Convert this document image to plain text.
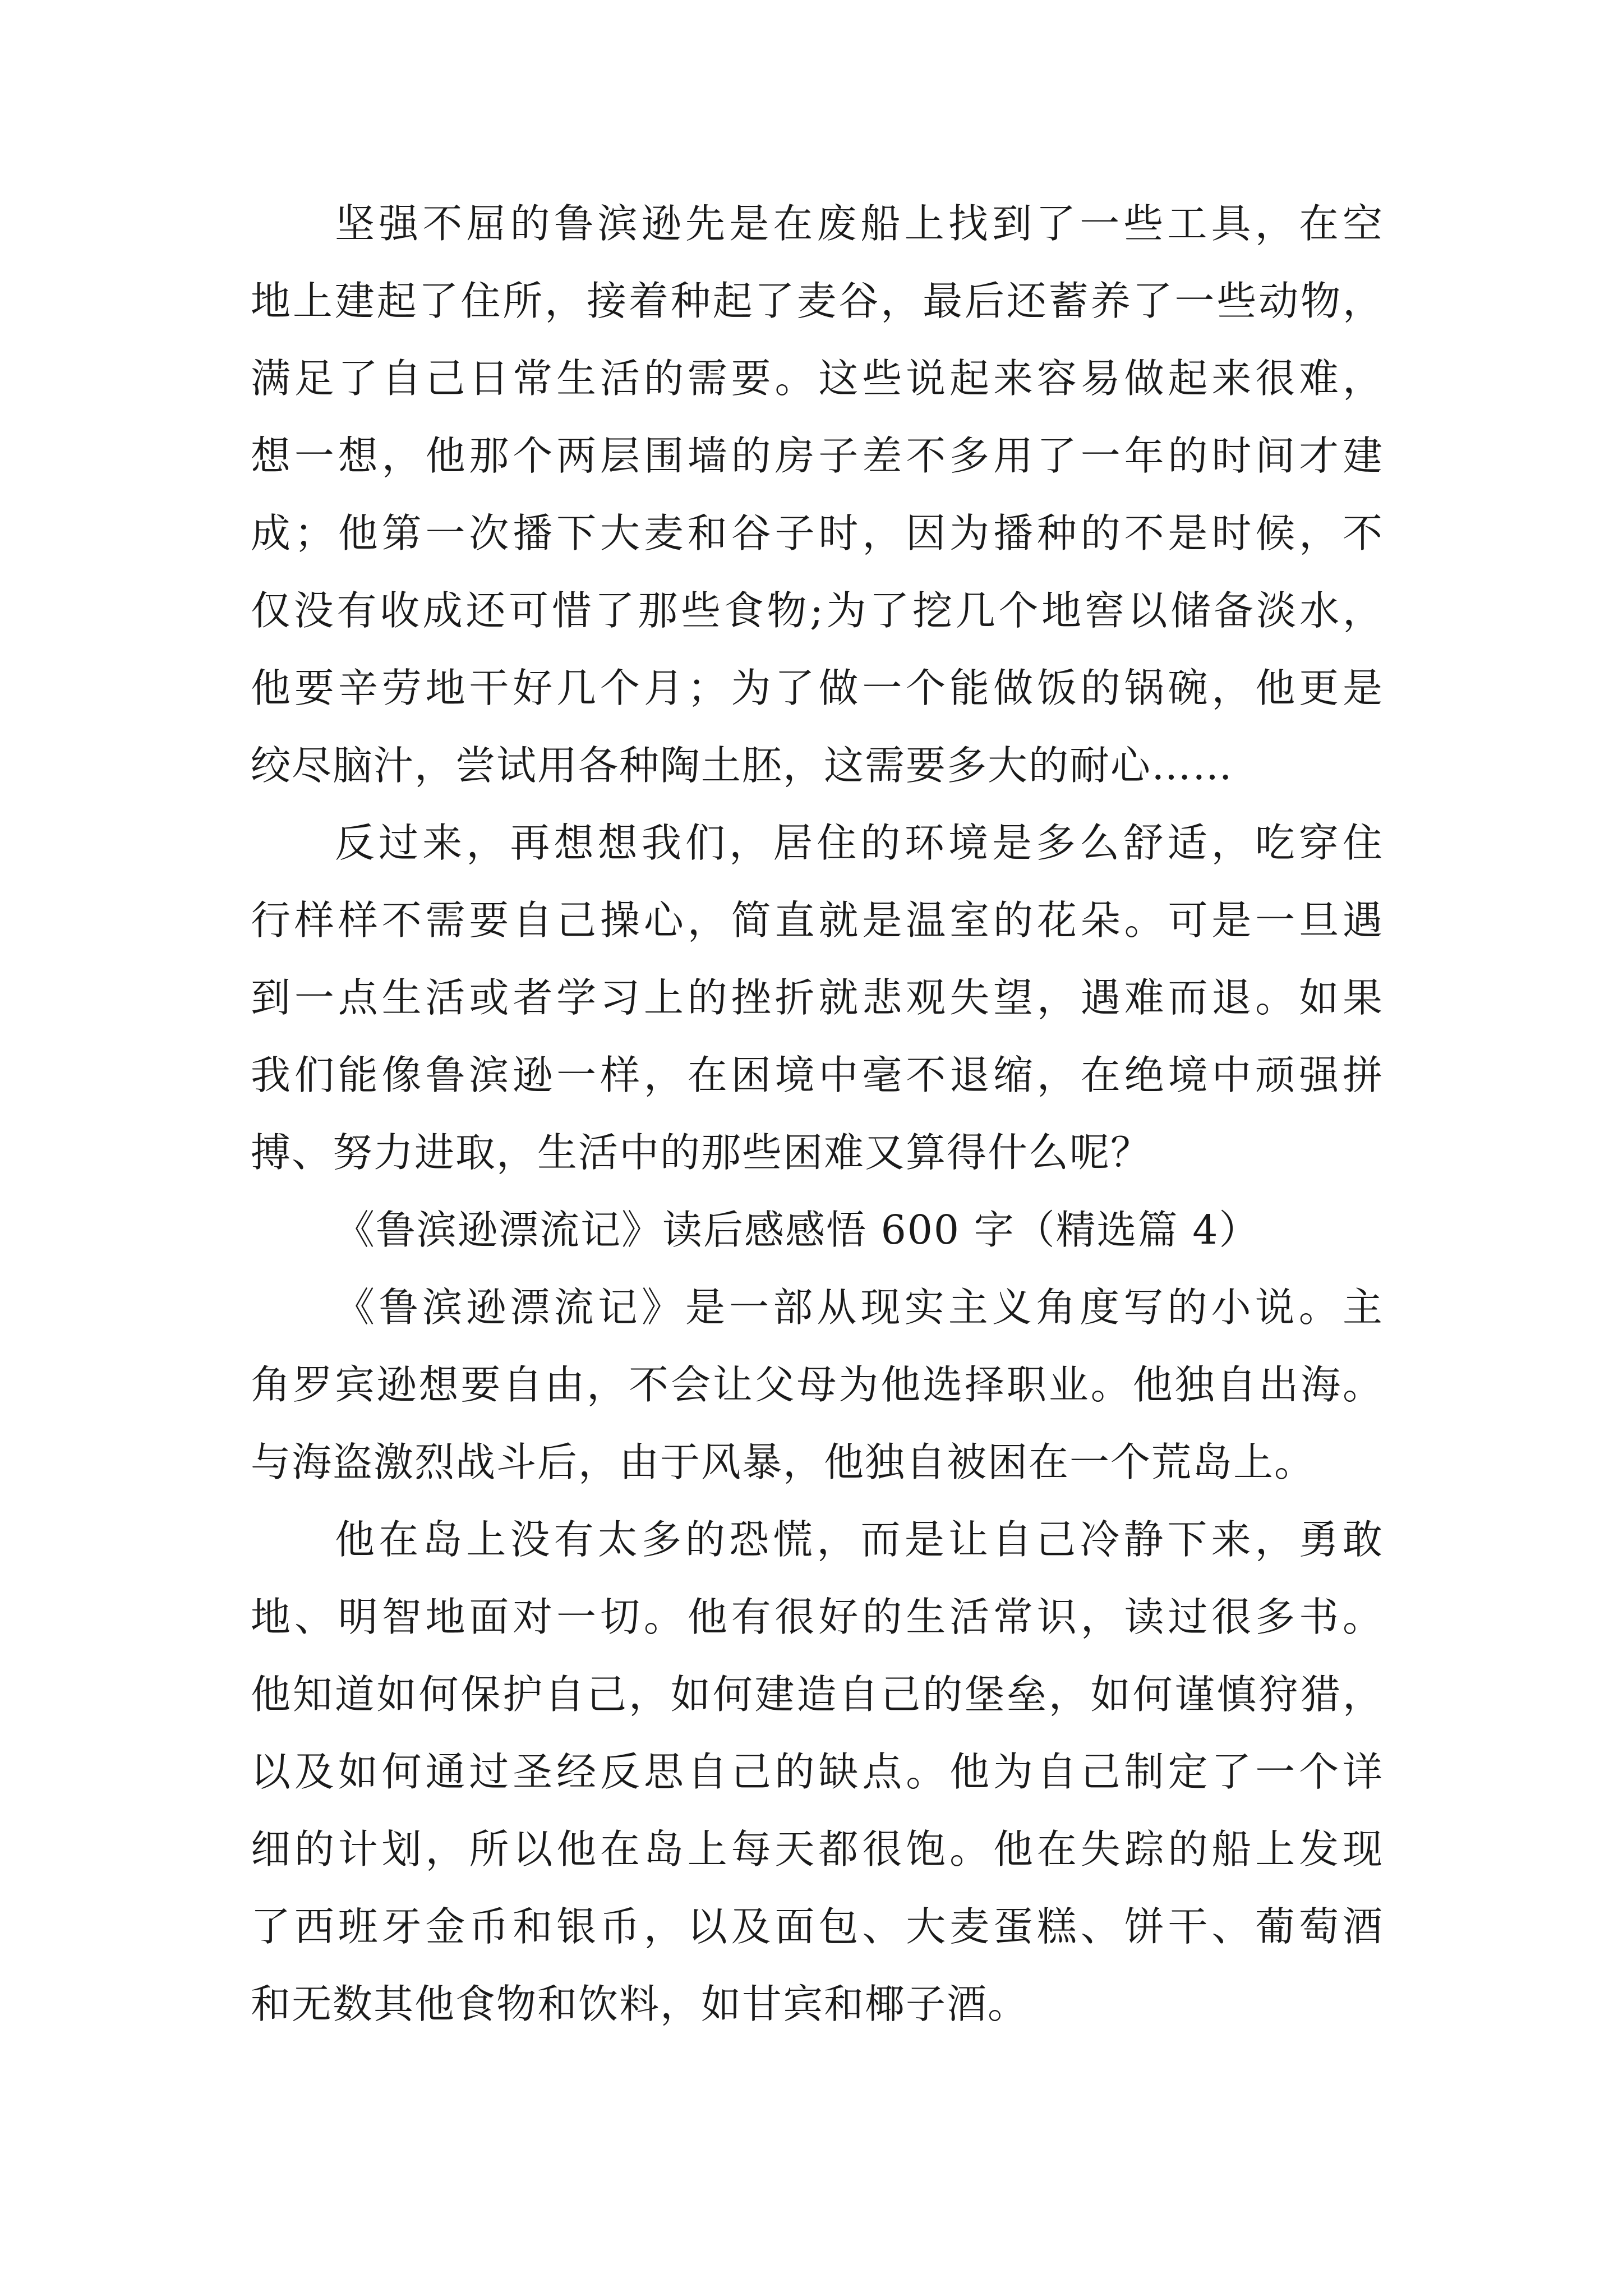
坚强不屈的鲁滨逊先是在废船上找到了一些工具，在空
地上建起了住所，接着种起了麦谷，最后还蓄养了一些动物，
满足了自己日常生活的需要。这些说起来容易做起来很难，
想一想，他那个两层围墙的房子差不多用了一年的时间才建
成；他第一次播下大麦和谷子时，因为播种的不是时候，不
仅没有收成还可惜了那些食物;为了挖几个地窖以储备淡水，
他要辛劳地干好几个月；为了做一个能做饭的锅碗，他更是
绞尽脑汁，尝试用各种陶土胚，这需要多大的耐心……
反过来，再想想我们，居住的环境是多么舒适，吃穿住
行样样不需要自己操心，简直就是温室的花朵。可是一旦遇
到一点生活或者学习上的挫折就悲观失望，遇难而退。如果
我们能像鲁滨逊一样，在困境中毫不退缩，在绝境中顽强拼
搏、努力进取，生活中的那些困难又算得什么呢？
《鲁滨逊漂流记》读后感感悟 600 字（精选篇 4）
《鲁滨逊漂流记》是一部从现实主义角度写的小说。主
角罗宾逊想要自由，不会让父母为他选择职业。他独自出海。
与海盗激烈战斗后，由于风暴，他独自被困在一个荒岛上。
他在岛上没有太多的恐慌，而是让自己冷静下来，勇敢
地、明智地面对一切。他有很好的生活常识，读过很多书。
他知道如何保护自己，如何建造自己的堡垒，如何谨慎狩猎，
以及如何通过圣经反思自己的缺点。他为自己制定了一个详
细的计划，所以他在岛上每天都很饱。他在失踪的船上发现
了西班牙金币和银币，以及面包、大麦蛋糕、饼干、葡萄酒
和无数其他食物和饮料，如甘宾和椰子酒。
